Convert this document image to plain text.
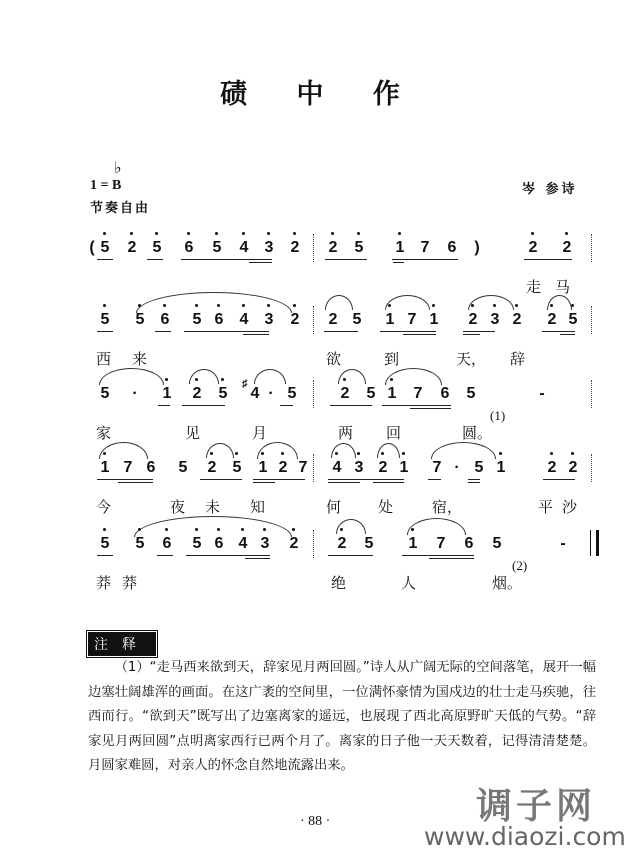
碛 中 作
♭
1 = B
节奏自由
岑 参诗
( 5 2 5 6 5 4 3 2 2 5 1 7 6 )	2 2
走 马
5 5 6 5 6 4 3 2 2 5 1 7 1 2 3 2 2 5
西 来	欲	到	天， 辞
5 · 1 2 5 4 · 5	2 5 1 7 6 5	-
♯
家	见	月	两 回	圆。
(1)
1 7 6 5 2 5 1 2 7 4 3 2 1 7 · 5 1	2 2
今	夜 未 知	何 处	宿，	平 沙
5 5 6 5 6 4 3 2 2 5 1 7 6 5	-
莽 莽	绝	人	烟。
(2)
注释

（1）“走马西来欲到天，辞家见月两回圆。”诗人从广阔无际的空间落笔，展开一幅边塞壮阔雄浑的画面。在这广袤的空间里，一位满怀豪情为国戍边的壮士走马疾驰，往西而行。“欲到天”既写出了边塞离家的遥远，也展现了西北高原野旷天低的气势。“辞家见月两回圆”点明离家西行已两个月了。离家的日子他一天天数着，记得清清楚楚。月圆家难圆，对亲人的怀念自然地流露出来。

· 88 ·	调子网
www.diaozi.com
